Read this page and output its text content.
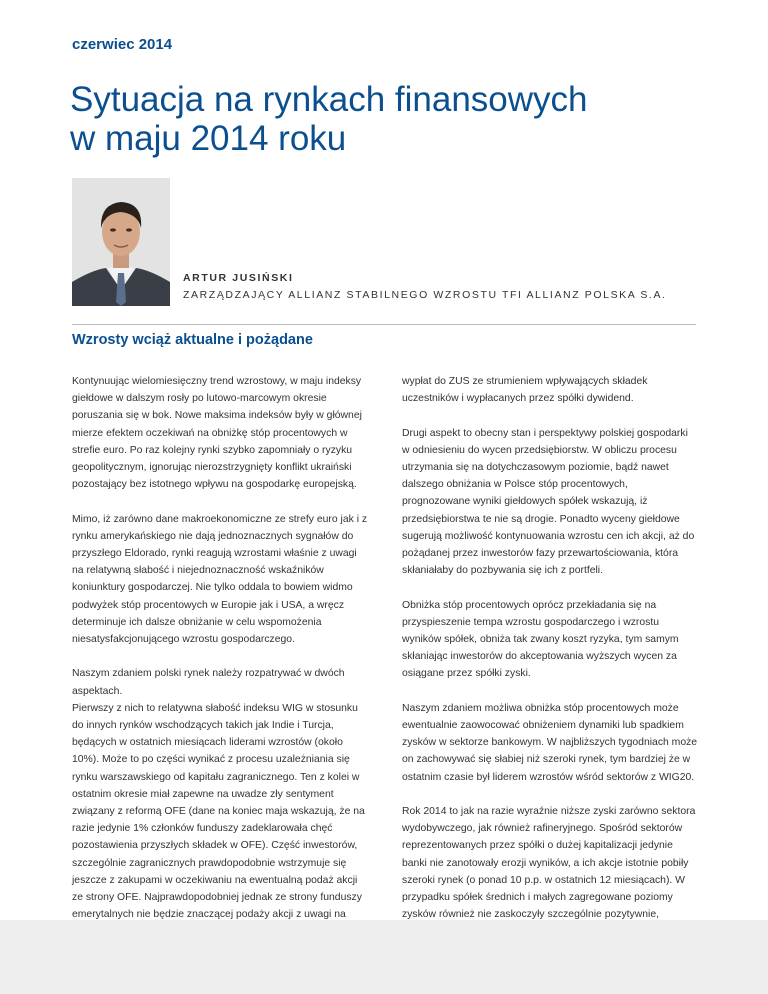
czerwiec 2014
Sytuacja na rynkach finansowych
w maju 2014 roku
ARTUR JUSIŃSKI
ZARZĄDZAJĄCY ALLIANZ STABILNEGO WZROSTU TFI ALLIANZ POLSKA S.A.
Wzrosty wciąż aktualne i pożądane

Kontynuując wielomiesięczny trend wzrostowy, w maju indeksy giełdowe w dalszym rosły po lutowo-marcowym okresie poruszania się w bok. Nowe maksima indeksów były w głównej mierze efektem oczekiwań na obniżkę stóp procentowych w strefie euro. Po raz kolejny rynki szybko zapomniały o ryzyku geopolitycznym, ignorując nierozstrzygnięty konflikt ukraiński pozostający bez istotnego wpływu na gospodarkę europejską.

Mimo, iż zarówno dane makroekonomiczne ze strefy euro jak i z rynku amerykańskiego nie dają jednoznacznych sygnałów do przyszłego Eldorado, rynki reagują wzrostami właśnie z uwagi na relatywną słabość i niejednoznaczność wskaźników koniunktury gospodarczej. Nie tylko oddala to bowiem widmo podwyżek stóp procentowych w Europie jak i USA, a wręcz determinuje ich dalsze obniżanie w celu wspomożenia niesatysfakcjonującego wzrostu gospodarczego.

Naszym zdaniem polski rynek należy rozpatrywać w dwóch aspektach.

Pierwszy z nich to relatywna słabość indeksu WIG w stosunku do innych rynków wschodzących takich jak Indie i Turcja, będących w ostatnich miesiącach liderami wzrostów (około 10%). Może to po części wynikać z procesu uzależniania się rynku warszawskiego od kapitału zagranicznego. Ten z kolei w ostatnim okresie miał zapewne na uwadze zły sentyment związany z reformą OFE (dane na koniec maja wskazują, że na razie jedynie 1% członków funduszy zadeklarowała chęć pozostawienia przyszłych składek w OFE). Część inwestorów, szczególnie zagranicznych prawdopodobnie wstrzymuje się jeszcze z zakupami w oczekiwaniu na ewentualną podaż akcji ze strony OFE. Najprawdopodobniej jednak ze strony funduszy emerytalnych nie będzie znaczącej podaży akcji z uwagi na

wypłat do ZUS ze strumieniem wpływających składek uczestników i wypłacanych przez spółki dywidend.

Drugi aspekt to obecny stan i perspektywy polskiej gospodarki w odniesieniu do wycen przedsiębiorstw. W obliczu procesu utrzymania się na dotychczasowym poziomie, bądź nawet dalszego obniżania w Polsce stóp procentowych, prognozowane wyniki giełdowych spółek wskazują, iż przedsiębiorstwa te nie są drogie. Ponadto wyceny giełdowe sugerują możliwość kontynuowania wzrostu cen ich akcji, aż do pożądanej przez inwestorów fazy przewartościowania, która skłaniałaby do pozbywania się ich z portfeli.

Obniżka stóp procentowych oprócz przekładania się na przyspieszenie tempa wzrostu gospodarczego i wzrostu wyników spółek, obniża tak zwany koszt ryzyka, tym samym skłaniając inwestorów do akceptowania wyższych wycen za osiągane przez spółki zyski.

Naszym zdaniem możliwa obniżka stóp procentowych może ewentualnie zaowocować obniżeniem dynamiki lub spadkiem zysków w sektorze bankowym. W najbliższych tygodniach może on zachowywać się słabiej niż szeroki rynek, tym bardziej że w ostatnim czasie był liderem wzrostów wśród sektorów z WIG20.

Rok 2014 to jak na razie wyraźnie niższe zyski zarówno sektora wydobywczego, jak również rafineryjnego. Spośród sektorów reprezentowanych przez spółki o dużej kapitalizacji jedynie banki nie zanotowały erozji wyników, a ich akcje istotnie pobiły szeroki rynek (o ponad 10 p.p. w ostatnich 12 miesiącach). W przypadku spółek średnich i małych zagregowane poziomy zysków również nie zaskoczyły szczególnie pozytywnie,
